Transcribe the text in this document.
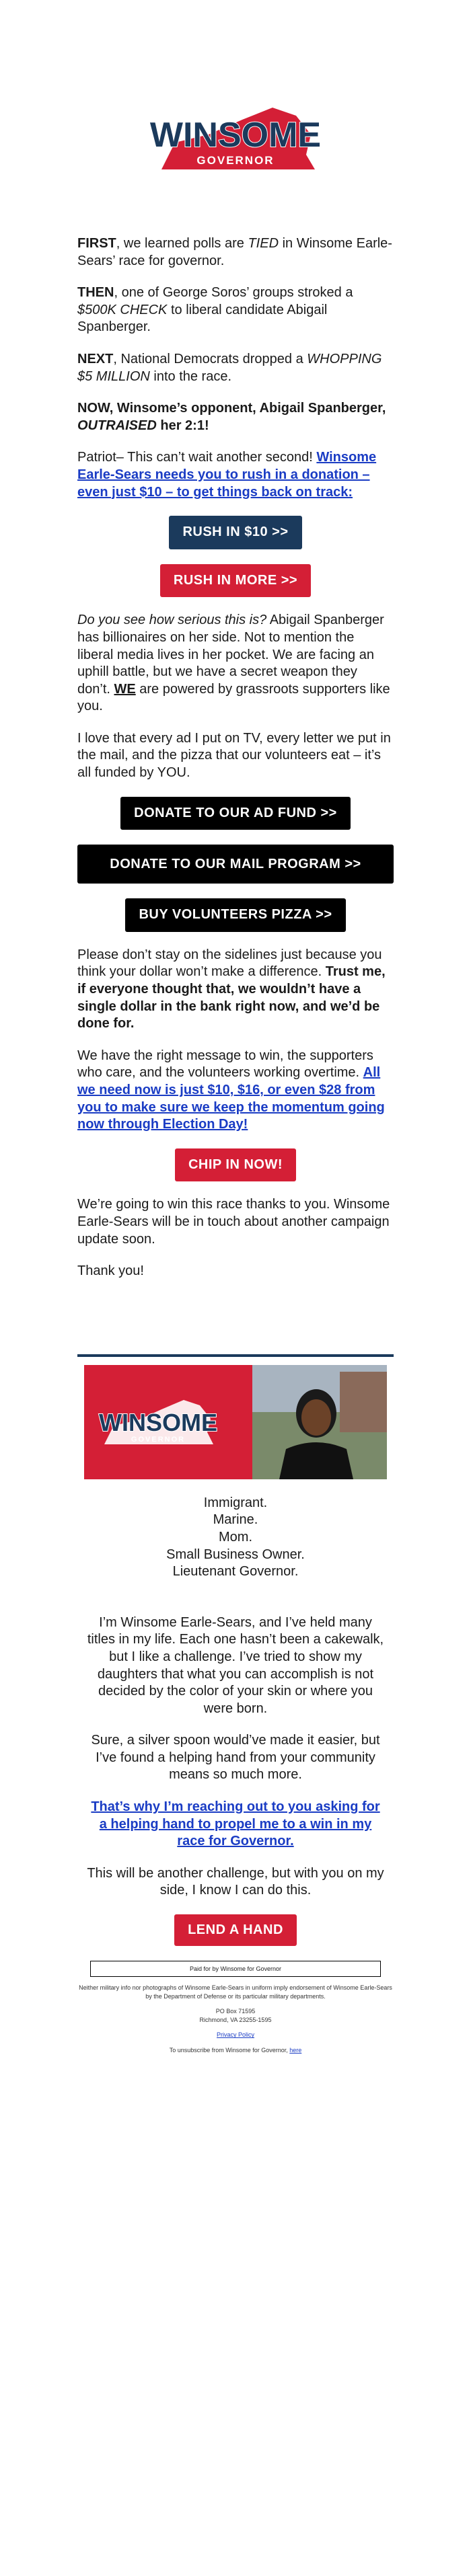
WINSOME
GOVERNOR

FIRST, we learned polls are TIED in Winsome Earle-Sears’ race for governor.

THEN, one of George Soros’ groups stroked a $500K CHECK to liberal candidate Abigail Spanberger.

NEXT, National Democrats dropped a WHOPPING $5 MILLION into the race.

NOW, Winsome’s opponent, Abigail Spanberger, OUTRAISED her 2:1!

Patriot– This can’t wait another second! Winsome Earle-Sears needs you to rush in a donation – even just $10 – to get things back on track:

RUSH IN $10 >>
RUSH IN MORE >>

Do you see how serious this is? Abigail Spanberger has billionaires on her side. Not to mention the liberal media lives in her pocket. We are facing an uphill battle, but we have a secret weapon they don’t. WE are powered by grassroots supporters like you.

I love that every ad I put on TV, every letter we put in the mail, and the pizza that our volunteers eat – it’s all funded by YOU.

DONATE TO OUR AD FUND >>
DONATE TO OUR MAIL PROGRAM >>
BUY VOLUNTEERS PIZZA >>

Please don’t stay on the sidelines just because you think your dollar won’t make a difference. Trust me, if everyone thought that, we wouldn’t have a single dollar in the bank right now, and we’d be done for.

We have the right message to win, the supporters who care, and the volunteers working overtime. All we need now is just $10, $16, or even $28 from you to make sure we keep the momentum going now through Election Day!

CHIP IN NOW!

We’re going to win this race thanks to you. Winsome Earle-Sears will be in touch about another campaign update soon.

Thank you!

WINSOME
GOVERNOR
Immigrant.
Marine.
Mom.
Small Business Owner.
Lieutenant Governor.

I’m Winsome Earle-Sears, and I’ve held many titles in my life. Each one hasn’t been a cakewalk, but I like a challenge. I’ve tried to show my daughters that what you can accomplish is not decided by the color of your skin or where you were born.

Sure, a silver spoon would’ve made it easier, but I’ve found a helping hand from your community means so much more.

That’s why I’m reaching out to you asking for a helping hand to propel me to a win in my race for Governor.

This will be another challenge, but with you on my side, I know I can do this.

LEND A HAND
Paid for by Winsome for Governor
Neither military info nor photographs of Winsome Earle-Sears in uniform imply endorsement of Winsome Earle-Sears by the Department of Defense or its particular military departments.
PO Box 71595
Richmond, VA 23255-1595
Privacy Policy
To unsubscribe from Winsome for Governor, here
